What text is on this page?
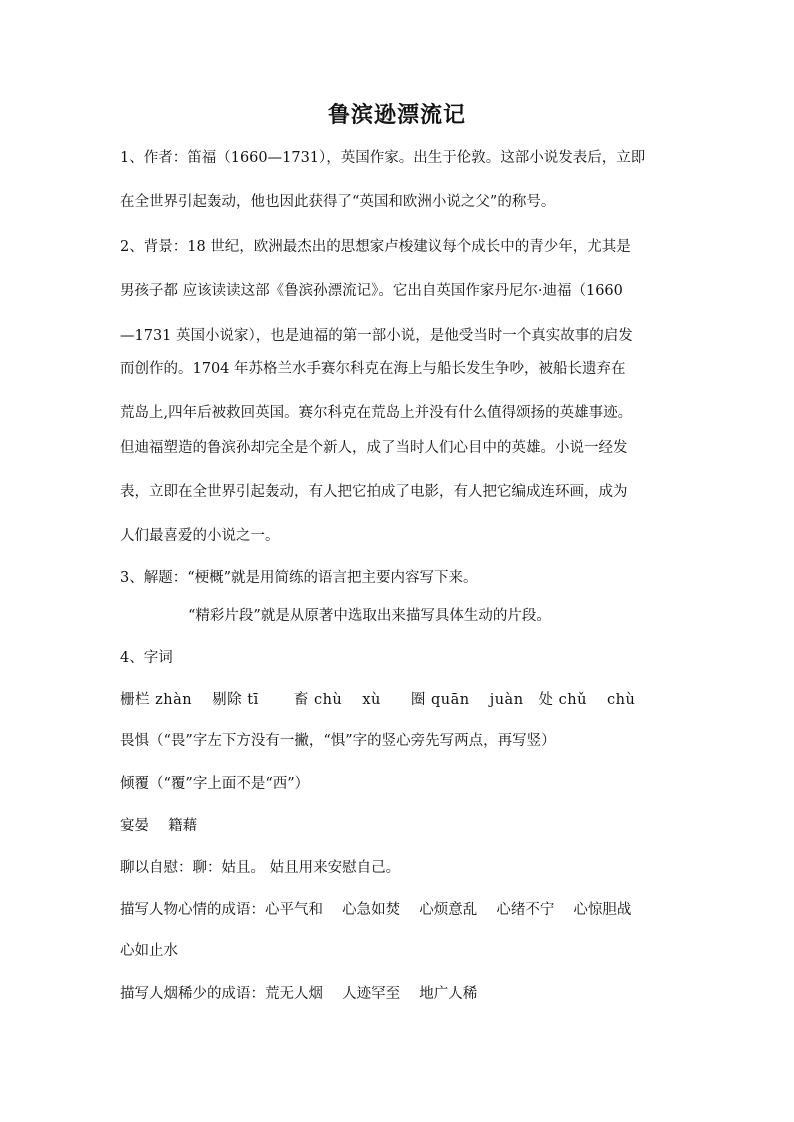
鲁滨逊漂流记
1、作者：笛福（1660—1731），英国作家。出生于伦敦。这部小说发表后，立即
在全世界引起轰动，他也因此获得了“英国和欧洲小说之父”的称号。
2、背景：18 世纪，欧洲最杰出的思想家卢梭建议每个成长中的青少年，尤其是
男孩子都 应该读读这部《鲁滨孙漂流记》。它出自英国作家丹尼尔·迪福（1660
—1731 英国小说家），也是迪福的第一部小说，是他受当时一个真实故事的启发
而创作的。1704 年苏格兰水手赛尔科克在海上与船长发生争吵，被船长遗弃在
荒岛上,四年后被救回英国。赛尔科克在荒岛上并没有什么值得颂扬的英雄事迹。
但迪福塑造的鲁滨孙却完全是个新人，成了当时人们心目中的英雄。小说一经发
表，立即在全世界引起轰动，有人把它拍成了电影，有人把它编成连环画，成为
人们最喜爱的小说之一。
3、解题：“梗概”就是用简练的语言把主要内容写下来。
“精彩片段”就是从原著中选取出来描写具体生动的片段。
4、字词
栅栏 zhàn　 剔除 tī　 　畜 chù　 xù　　圈 quān　 juàn　处 chǔ　 chù
畏惧（“畏”字左下方没有一撇，“惧”字的竖心旁先写两点，再写竖）
倾覆（“覆”字上面不是“西”）
宴晏　 籍藉
聊以自慰：聊：姑且。 姑且用来安慰自己。
描写人物心情的成语：心平气和　 心急如焚　 心烦意乱　 心绪不宁　 心惊胆战
心如止水
描写人烟稀少的成语：荒无人烟　 人迹罕至　 地广人稀
